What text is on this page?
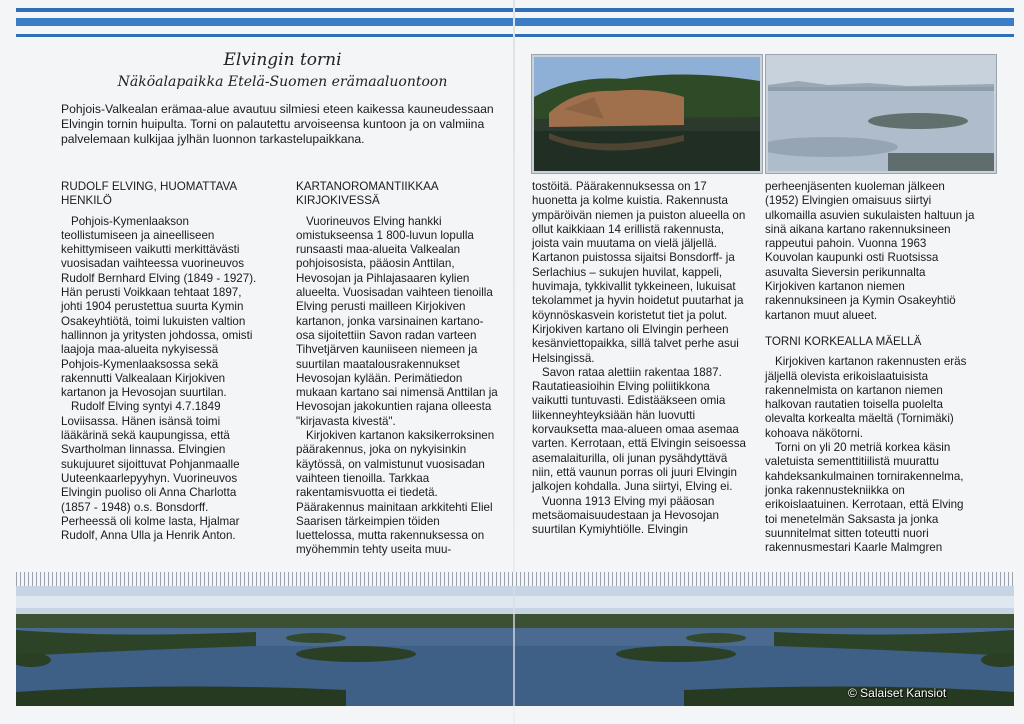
Elvingin torni
Näköalapaikka Etelä-Suomen erämaaluontoon
Pohjois-Valkealan erämaa-alue avautuu silmiesi eteen kaikessa kauneudessaan Elvingin tornin huipulta. Torni on palautettu arvoiseensa kuntoon ja on valmiina palvelemaan kulkijaa jylhän luonnon tarkastelupaikkana.
RUDOLF ELVING, HUOMATTAVA HENKILÖ

Pohjois-Kymenlaakson teollistumiseen ja aineelliseen kehittymiseen vaikutti merkittävästi vuosisadan vaihteessa vuorineuvos Rudolf Bernhard Elving (1849 - 1927). Hän perusti Voikkaan tehtaat 1897, johti 1904 perustettua suurta Kymin Osakeyhtiötä, toimi lukuisten valtion hallinnon ja yritysten johdossa, omisti laajoja maa-alueita nykyisessä Pohjois-Kymenlaaksossa sekä rakennutti Valkealaan Kirjokiven kartanon ja Hevosojan suurtilan.

Rudolf Elving syntyi 4.7.1849 Loviisassa. Hänen isänsä toimi lääkärinä sekä kaupungissa, että Svartholman linnassa. Elvingien sukujuuret sijoittuvat Pohjanmaalle Uuteenkaarlepyyhyn. Vuorineuvos Elvingin puoliso oli Anna Charlotta (1857 - 1948) o.s. Bonsdorff. Perheessä oli kolme lasta, Hjalmar Rudolf, Anna Ulla ja Henrik Anton.

KARTANOROMANTIIKKAA KIRJOKIVESSÄ

Vuorineuvos Elving hankki omistukseensa 1 800-luvun lopulla runsaasti maa-alueita Valkealan pohjoisosista, pääosin Anttilan, Hevosojan ja Pihlajasaaren kylien alueelta. Vuosisadan vaihteen tienoilla Elving perusti mailleen Kirjokiven kartanon, jonka varsinainen kartano-osa sijoitettiin Savon radan varteen Tihvetjärven kauniiseen niemeen ja suurtilan maatalousrakennukset Hevosojan kylään. Perimätiedon mukaan kartano sai nimensä Anttilan ja Hevosojan jakokuntien rajana olleesta "kirjavasta kivestä".

Kirjokiven kartanon kaksikerroksinen päärakennus, joka on nykyisinkin käytössä, on valmistunut vuosisadan vaihteen tienoilla. Tarkkaa rakentamisvuotta ei tiedetä. Päärakennus mainitaan arkkitehti Eliel Saarisen tärkeimpien töiden luettelossa, mutta rakennuksessa on myöhemmin tehty useita muu-

tostöitä. Päärakennuksessa on 17 huonetta ja kolme kuistia. Rakennusta ympäröivän niemen ja puiston alueella on ollut kaikkiaan 14 erillistä rakennusta, joista vain muutama on vielä jäljellä. Kartanon puistossa sijaitsi Bonsdorff- ja Serlachius – sukujen huvilat, kappeli, huvimaja, tykkivallit tykkeineen, lukuisat tekolammet ja hyvin hoidetut puutarhat ja köynnöskasvein koristetut tiet ja polut. Kirjokiven kartano oli Elvingin perheen kesänviettopaikka, sillä talvet perhe asui Helsingissä.

Savon rataa alettiin rakentaa 1887. Rautatieasioihin Elving poliitikkona vaikutti tuntuvasti. Edistääkseen omia liikenneyhteyksiään hän luovutti korvauksetta maa-alueen omaa asemaa varten. Kerrotaan, että Elvingin seisoessa asemalaiturilla, oli junan pysähdyttävä niin, että vaunun porras oli juuri Elvingin jalkojen kohdalla. Juna siirtyi, Elving ei.

Vuonna 1913 Elving myi pääosan metsäomaisuudestaan ja Hevosojan suurtilan Kymiyhtiölle. Elvingin

perheenjäsenten kuoleman jälkeen (1952) Elvingien omaisuus siirtyi ulkomailla asuvien sukulaisten haltuun ja sinä aikana kartano rakennuksineen rappeutui pahoin. Vuonna 1963 Kouvolan kaupunki osti Ruotsissa asuvalta Sieversin perikunnalta Kirjokiven kartanon niemen rakennuksineen ja Kymin Osakeyhtiö kartanon muut alueet.

TORNI KORKEALLA MÄELLÄ

Kirjokiven kartanon rakennusten eräs jäljellä olevista erikoislaatuisista rakennelmista on kartanon niemen halkovan rautatien toisella puolelta olevalta korkealta mäeltä (Tornimäki) kohoava näkötorni.

Torni on yli 20 metriä korkea käsin valetuista sementtitiilistä muurattu kahdeksankulmainen tornirakennelma, jonka rakennustekniikka on erikoislaatuinen. Kerrotaan, että Elving toi menetelmän Saksasta ja jonka suunnitelmat sitten toteutti nuori rakennusmestari Kaarle Malmgren

© Salaiset Kansiot
